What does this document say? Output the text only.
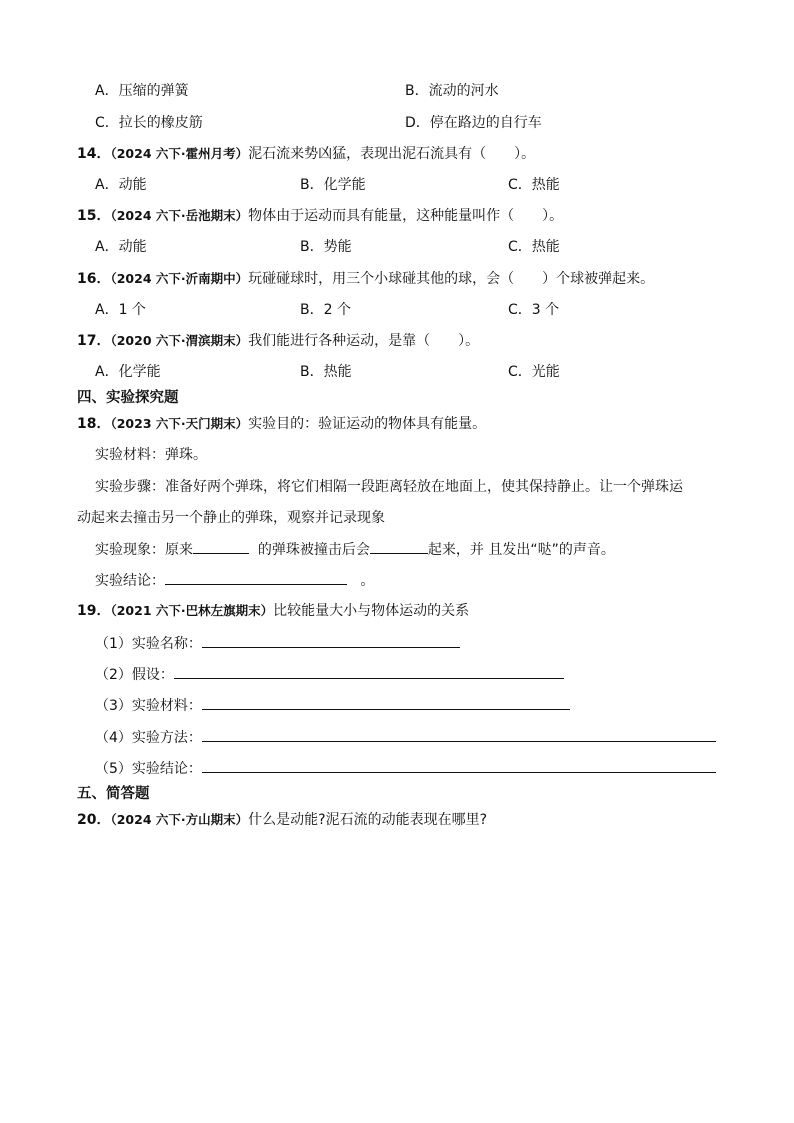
A．压缩的弹簧	B．流动的河水
C．拉长的橡皮筋	D．停在路边的自行车
14．（2024 六下·霍州月考）泥石流来势凶猛，表现出泥石流具有（　　）。
A．动能	B．化学能	C．热能
15．（2024 六下·岳池期末）物体由于运动而具有能量，这种能量叫作（　　）。
A．动能	B．势能	C．热能
16．（2024 六下·沂南期中）玩碰碰球时，用三个小球碰其他的球，会（　　）个球被弹起来。
A．1 个	B．2 个	C．3 个
17．（2020 六下·渭滨期末）我们能进行各种运动，是靠（　　）。
A．化学能	B．热能	C．光能
四、实验探究题
18．（2023 六下·天门期末）实验目的：验证运动的物体具有能量。
实验材料：弹珠。
实验步骤：准备好两个弹珠，将它们相隔一段距离轻放在地面上，使其保持静止。让一个弹珠运
动起来去撞击另一个静止的弹珠，观察并记录现象
实验现象：原来	的弹珠被撞击后会	起来，并 且发出“哒”的声音。
实验结论：	。
19．（2021 六下·巴林左旗期末）比较能量大小与物体运动的关系
（1）实验名称：
（2）假设：
（3）实验材料：
（4）实验方法：
（5）实验结论：
五、简答题
20．（2024 六下·方山期末）什么是动能?泥石流的动能表现在哪里?
